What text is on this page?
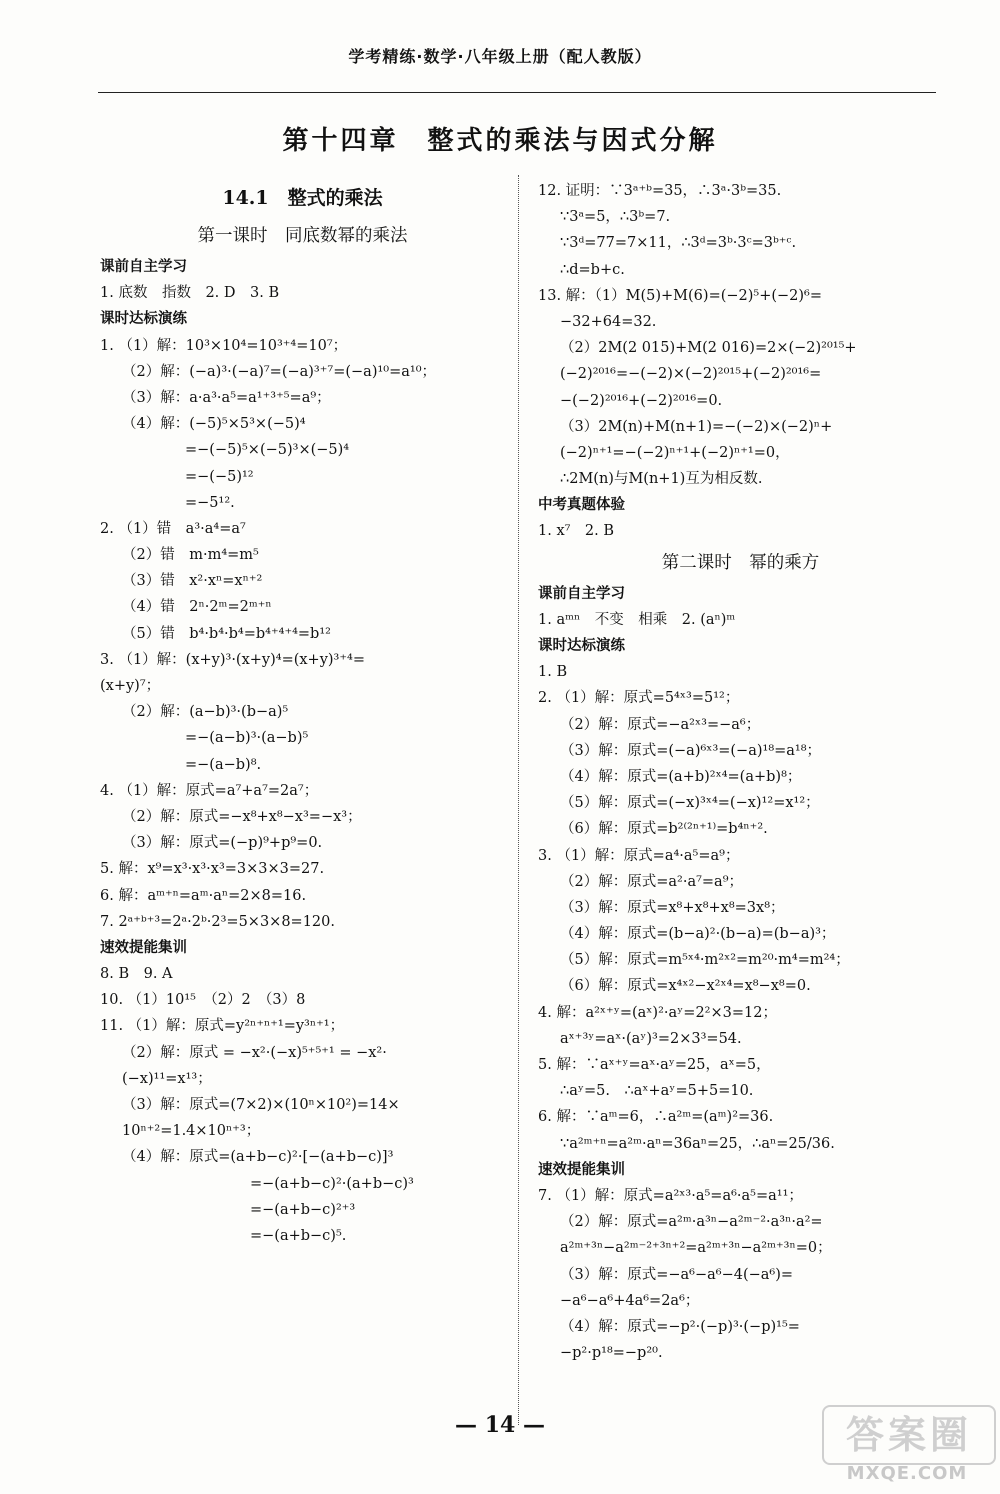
学考精练·数学·八年级上册（配人教版）
第十四章　整式的乘法与因式分解
14.1　整式的乘法
第一课时　同底数幂的乘法
课前自主学习
1. 底数　指数　2. D　3. B
课时达标演练
1. （1）解：10³×10⁴=10³⁺⁴=10⁷；
（2）解：(−a)³·(−a)⁷=(−a)³⁺⁷=(−a)¹⁰=a¹⁰；
（3）解：a·a³·a⁵=a¹⁺³⁺⁵=a⁹；
（4）解：(−5)⁵×5³×(−5)⁴
=−(−5)⁵×(−5)³×(−5)⁴
=−(−5)¹²
=−5¹².
2. （1）错　a³·a⁴=a⁷
（2）错　m·m⁴=m⁵
（3）错　x²·xⁿ=xⁿ⁺²
（4）错　2ⁿ·2ᵐ=2ᵐ⁺ⁿ
（5）错　b⁴·b⁴·b⁴=b⁴⁺⁴⁺⁴=b¹²
3. （1）解：(x+y)³·(x+y)⁴=(x+y)³⁺⁴=
(x+y)⁷；
（2）解：(a−b)³·(b−a)⁵
=−(a−b)³·(a−b)⁵
=−(a−b)⁸.
4. （1）解：原式=a⁷+a⁷=2a⁷；
（2）解：原式=−x⁸+x⁸−x³=−x³；
（3）解：原式=(−p)⁹+p⁹=0.
5. 解：x⁹=x³·x³·x³=3×3×3=27.
6. 解：aᵐ⁺ⁿ=aᵐ·aⁿ=2×8=16.
7. 2ᵃ⁺ᵇ⁺³=2ᵃ·2ᵇ·2³=5×3×8=120.
速效提能集训
8. B　9. A
10. （1）10¹⁵　（2）2　（3）8
11. （1）解：原式=y²ⁿ⁺ⁿ⁺¹=y³ⁿ⁺¹；
（2）解：原式 = −x²·(−x)⁵⁺⁵⁺¹ = −x²·
(−x)¹¹=x¹³；
（3）解：原式=(7×2)×(10ⁿ×10²)=14×
10ⁿ⁺²=1.4×10ⁿ⁺³；
（4）解：原式=(a+b−c)²·[−(a+b−c)]³
=−(a+b−c)²·(a+b−c)³
=−(a+b−c)²⁺³
=−(a+b−c)⁵.
12. 证明：∵3ᵃ⁺ᵇ=35，∴3ᵃ·3ᵇ=35.
∵3ᵃ=5，∴3ᵇ=7.
∵3ᵈ=77=7×11，∴3ᵈ=3ᵇ·3ᶜ=3ᵇ⁺ᶜ.
∴d=b+c.
13. 解：（1）M(5)+M(6)=(−2)⁵+(−2)⁶=
−32+64=32.
（2）2M(2 015)+M(2 016)=2×(−2)²⁰¹⁵+
(−2)²⁰¹⁶=−(−2)×(−2)²⁰¹⁵+(−2)²⁰¹⁶=
−(−2)²⁰¹⁶+(−2)²⁰¹⁶=0.
（3）2M(n)+M(n+1)=−(−2)×(−2)ⁿ+
(−2)ⁿ⁺¹=−(−2)ⁿ⁺¹+(−2)ⁿ⁺¹=0，
∴2M(n)与M(n+1)互为相反数.
中考真题体验
1. x⁷　2. B
第二课时　幂的乘方
课前自主学习
1. aᵐⁿ　不变　相乘　2. (aⁿ)ᵐ
课时达标演练
1. B
2. （1）解：原式=5⁴ˣ³=5¹²；
（2）解：原式=−a²ˣ³=−a⁶；
（3）解：原式=(−a)⁶ˣ³=(−a)¹⁸=a¹⁸；
（4）解：原式=(a+b)²ˣ⁴=(a+b)⁸；
（5）解：原式=(−x)³ˣ⁴=(−x)¹²=x¹²；
（6）解：原式=b²⁽²ⁿ⁺¹⁾=b⁴ⁿ⁺².
3. （1）解：原式=a⁴·a⁵=a⁹；
（2）解：原式=a²·a⁷=a⁹；
（3）解：原式=x⁸+x⁸+x⁸=3x⁸；
（4）解：原式=(b−a)²·(b−a)=(b−a)³；
（5）解：原式=m⁵ˣ⁴·m²ˣ²=m²⁰·m⁴=m²⁴；
（6）解：原式=x⁴ˣ²−x²ˣ⁴=x⁸−x⁸=0.
4. 解：a²ˣ⁺ʸ=(aˣ)²·aʸ=2²×3=12；
aˣ⁺³ʸ=aˣ·(aʸ)³=2×3³=54.
5. 解：∵aˣ⁺ʸ=aˣ·aʸ=25，aˣ=5，
∴aʸ=5.　∴aˣ+aʸ=5+5=10.
6. 解：∵aᵐ=6，∴a²ᵐ=(aᵐ)²=36.
∵a²ᵐ⁺ⁿ=a²ᵐ·aⁿ=36aⁿ=25，∴aⁿ=25/36.
速效提能集训
7. （1）解：原式=a²ˣ³·a⁵=a⁶·a⁵=a¹¹；
（2）解：原式=a²ᵐ·a³ⁿ−a²ᵐ⁻²·a³ⁿ·a²=
a²ᵐ⁺³ⁿ−a²ᵐ⁻²⁺³ⁿ⁺²=a²ᵐ⁺³ⁿ−a²ᵐ⁺³ⁿ=0；
（3）解：原式=−a⁶−a⁶−4(−a⁶)=
−a⁶−a⁶+4a⁶=2a⁶；
（4）解：原式=−p²·(−p)³·(−p)¹⁵=
−p²·p¹⁸=−p²⁰.
— 14 —	答案圈
MXQE.COM
